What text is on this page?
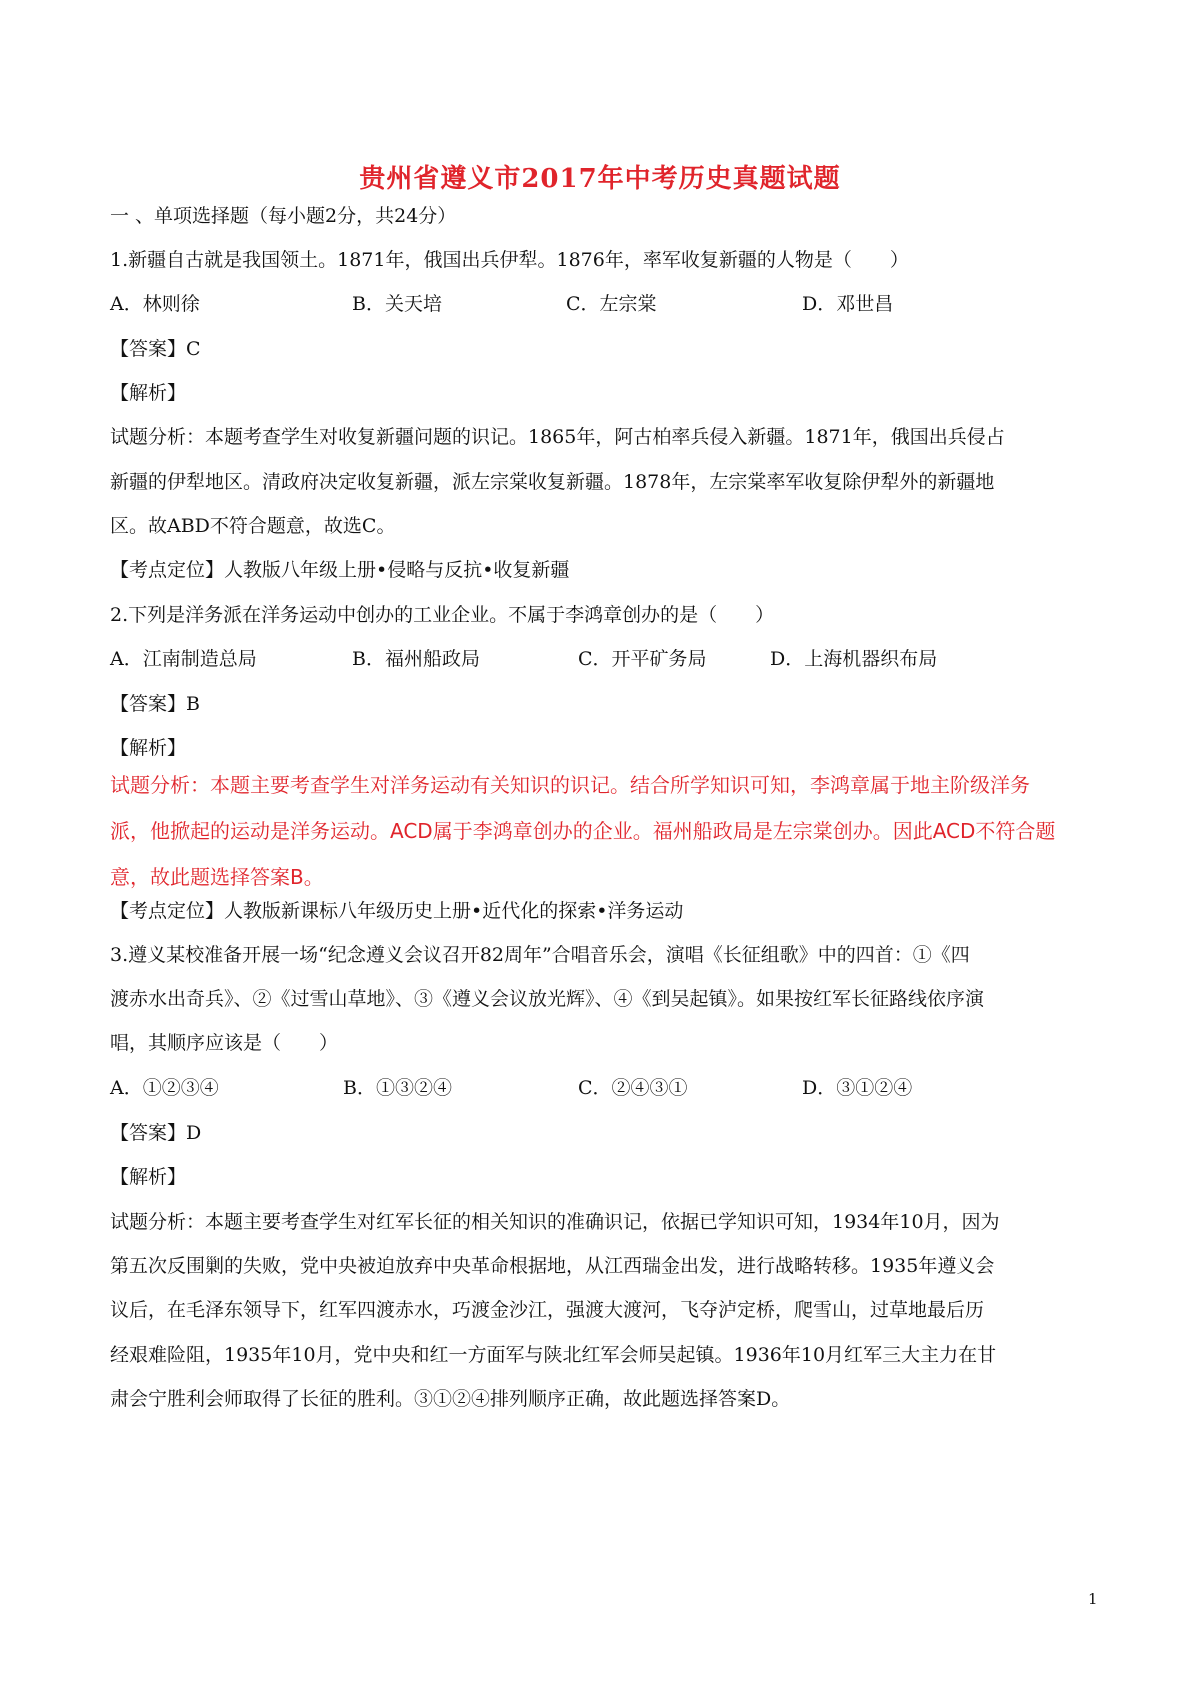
贵州省遵义市2017年中考历史真题试题
一 、单项选择题（每小题2分，共24分）
1.新疆自古就是我国领土。1871年，俄国出兵伊犁。1876年，率军收复新疆的人物是（　　）
A．林则徐	B．关天培	C．左宗棠	D．邓世昌
【答案】C
【解析】
试题分析：本题考查学生对收复新疆问题的识记。1865年，阿古柏率兵侵入新疆。1871年，俄国出兵侵占
新疆的伊犁地区。清政府决定收复新疆，派左宗棠收复新疆。1878年，左宗棠率军收复除伊犁外的新疆地
区。故ABD不符合题意，故选C。
【考点定位】人教版八年级上册•侵略与反抗•收复新疆
2.下列是洋务派在洋务运动中创办的工业企业。不属于李鸿章创办的是（　　）
A．江南制造总局	B．福州船政局	C．开平矿务局	D．上海机器织布局
【答案】B
【解析】
试题分析：本题主要考查学生对洋务运动有关知识的识记。结合所学知识可知，李鸿章属于地主阶级洋务
派，他掀起的运动是洋务运动。ACD属于李鸿章创办的企业。福州船政局是左宗棠创办。因此ACD不符合题
意，故此题选择答案B。
【考点定位】人教版新课标八年级历史上册•近代化的探索•洋务运动
3.遵义某校准备开展一场“纪念遵义会议召开82周年”合唱音乐会，演唱《长征组歌》中的四首：①《四
渡赤水出奇兵》、②《过雪山草地》、③《遵义会议放光辉》、④《到吴起镇》。如果按红军长征路线依序演
唱，其顺序应该是（　　）
A．①②③④	B．①③②④	C．②④③①	D．③①②④
【答案】D
【解析】
试题分析：本题主要考查学生对红军长征的相关知识的准确识记，依据已学知识可知，1934年10月，因为
第五次反围剿的失败，党中央被迫放弃中央革命根据地，从江西瑞金出发，进行战略转移。1935年遵义会
议后，在毛泽东领导下，红军四渡赤水，巧渡金沙江，强渡大渡河，飞夺泸定桥，爬雪山，过草地最后历
经艰难险阻，1935年10月，党中央和红一方面军与陕北红军会师吴起镇。1936年10月红军三大主力在甘
肃会宁胜利会师取得了长征的胜利。③①②④排列顺序正确，故此题选择答案D。
1
